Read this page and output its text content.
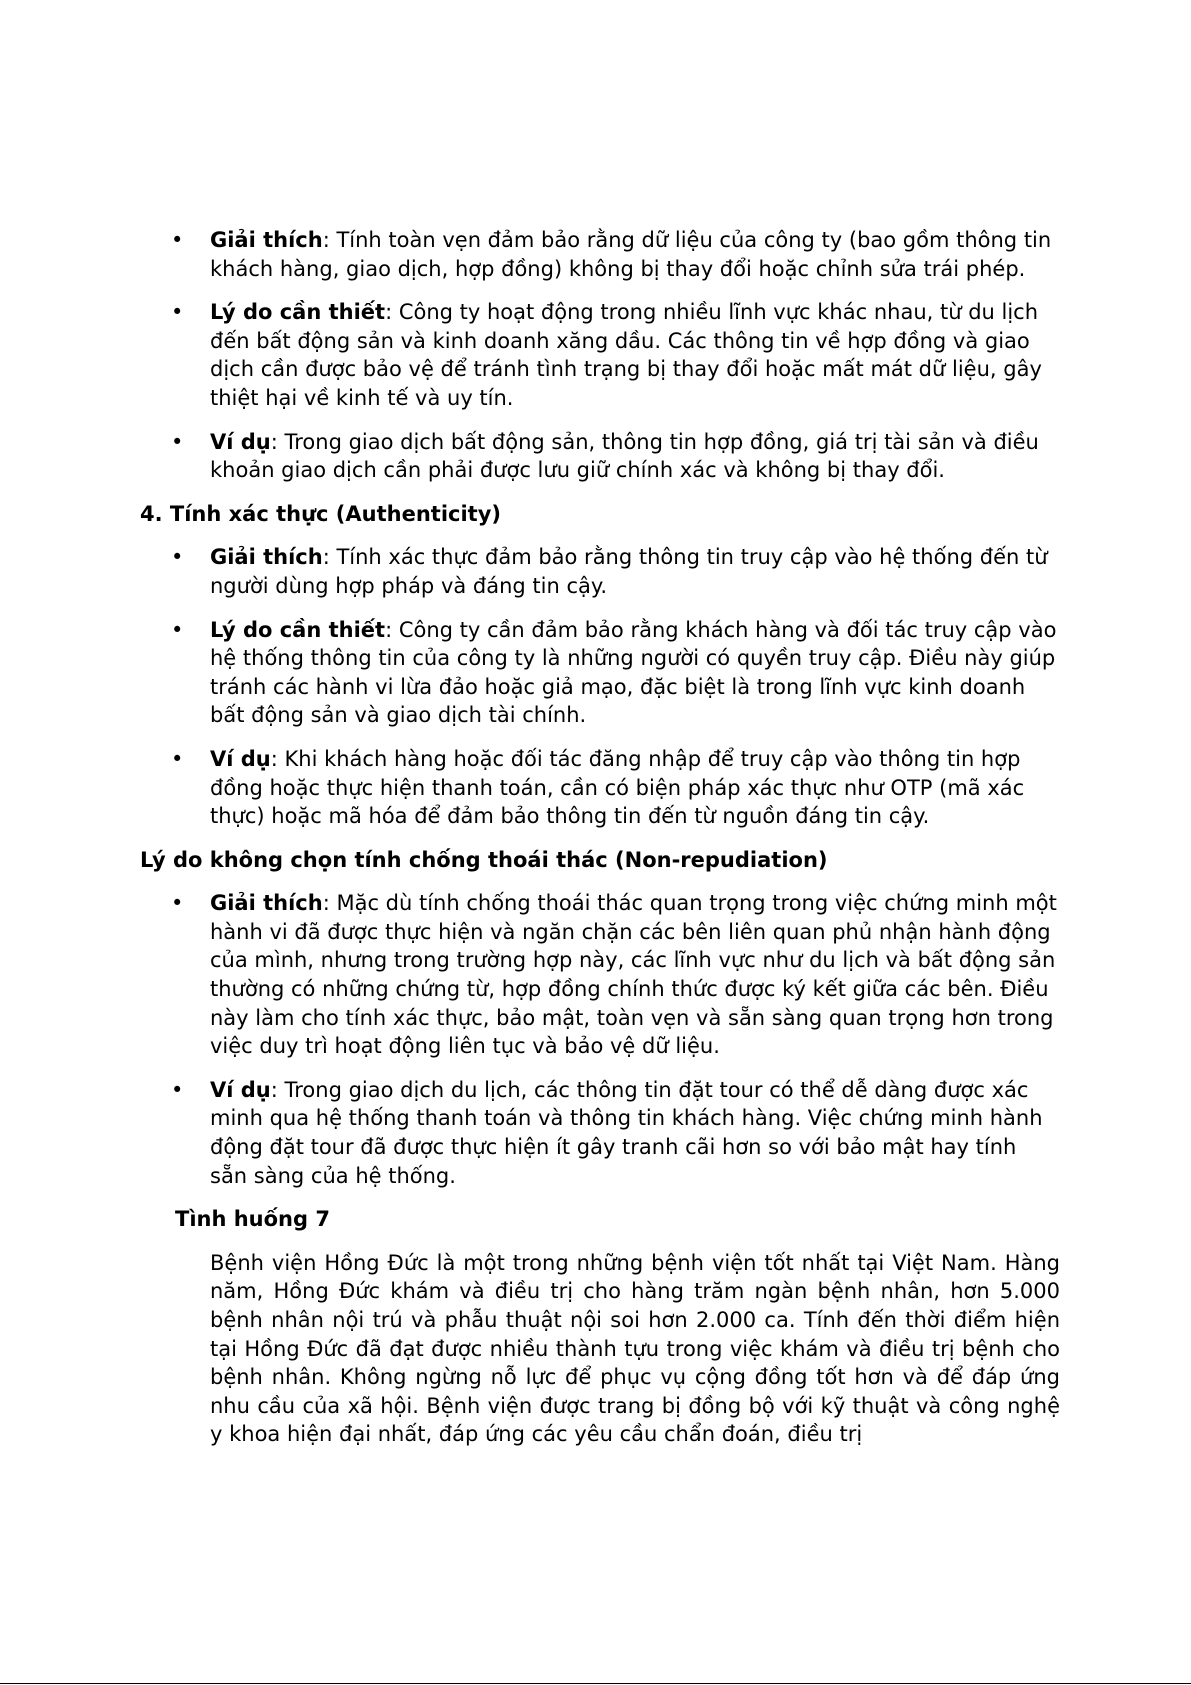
• Giải thích: Tính toàn vẹn đảm bảo rằng dữ liệu của công ty (bao gồm thông tin khách hàng, giao dịch, hợp đồng) không bị thay đổi hoặc chỉnh sửa trái phép.
• Lý do cần thiết: Công ty hoạt động trong nhiều lĩnh vực khác nhau, từ du lịch đến bất động sản và kinh doanh xăng dầu. Các thông tin về hợp đồng và giao dịch cần được bảo vệ để tránh tình trạng bị thay đổi hoặc mất mát dữ liệu, gây thiệt hại về kinh tế và uy tín.
• Ví dụ: Trong giao dịch bất động sản, thông tin hợp đồng, giá trị tài sản và điều khoản giao dịch cần phải được lưu giữ chính xác và không bị thay đổi.
4. Tính xác thực (Authenticity)
• Giải thích: Tính xác thực đảm bảo rằng thông tin truy cập vào hệ thống đến từ người dùng hợp pháp và đáng tin cậy.
• Lý do cần thiết: Công ty cần đảm bảo rằng khách hàng và đối tác truy cập vào hệ thống thông tin của công ty là những người có quyền truy cập. Điều này giúp tránh các hành vi lừa đảo hoặc giả mạo, đặc biệt là trong lĩnh vực kinh doanh bất động sản và giao dịch tài chính.
• Ví dụ: Khi khách hàng hoặc đối tác đăng nhập để truy cập vào thông tin hợp đồng hoặc thực hiện thanh toán, cần có biện pháp xác thực như OTP (mã xác thực) hoặc mã hóa để đảm bảo thông tin đến từ nguồn đáng tin cậy.
Lý do không chọn tính chống thoái thác (Non-repudiation)
• Giải thích: Mặc dù tính chống thoái thác quan trọng trong việc chứng minh một hành vi đã được thực hiện và ngăn chặn các bên liên quan phủ nhận hành động của mình, nhưng trong trường hợp này, các lĩnh vực như du lịch và bất động sản thường có những chứng từ, hợp đồng chính thức được ký kết giữa các bên. Điều này làm cho tính xác thực, bảo mật, toàn vẹn và sẵn sàng quan trọng hơn trong việc duy trì hoạt động liên tục và bảo vệ dữ liệu.
• Ví dụ: Trong giao dịch du lịch, các thông tin đặt tour có thể dễ dàng được xác minh qua hệ thống thanh toán và thông tin khách hàng. Việc chứng minh hành động đặt tour đã được thực hiện ít gây tranh cãi hơn so với bảo mật hay tính sẵn sàng của hệ thống.
Tình huống 7

Bệnh viện Hồng Đức là một trong những bệnh viện tốt nhất tại Việt Nam. Hàng năm, Hồng Đức khám và điều trị cho hàng trăm ngàn bệnh nhân, hơn 5.000 bệnh nhân nội trú và phẫu thuật nội soi hơn 2.000 ca. Tính đến thời điểm hiện tại Hồng Đức đã đạt được nhiều thành tựu trong việc khám và điều trị bệnh cho bệnh nhân. Không ngừng nỗ lực để phục vụ cộng đồng tốt hơn và để đáp ứng nhu cầu của xã hội. Bệnh viện được trang bị đồng bộ với kỹ thuật và công nghệ y khoa hiện đại nhất, đáp ứng các yêu cầu chẩn đoán, điều trị
